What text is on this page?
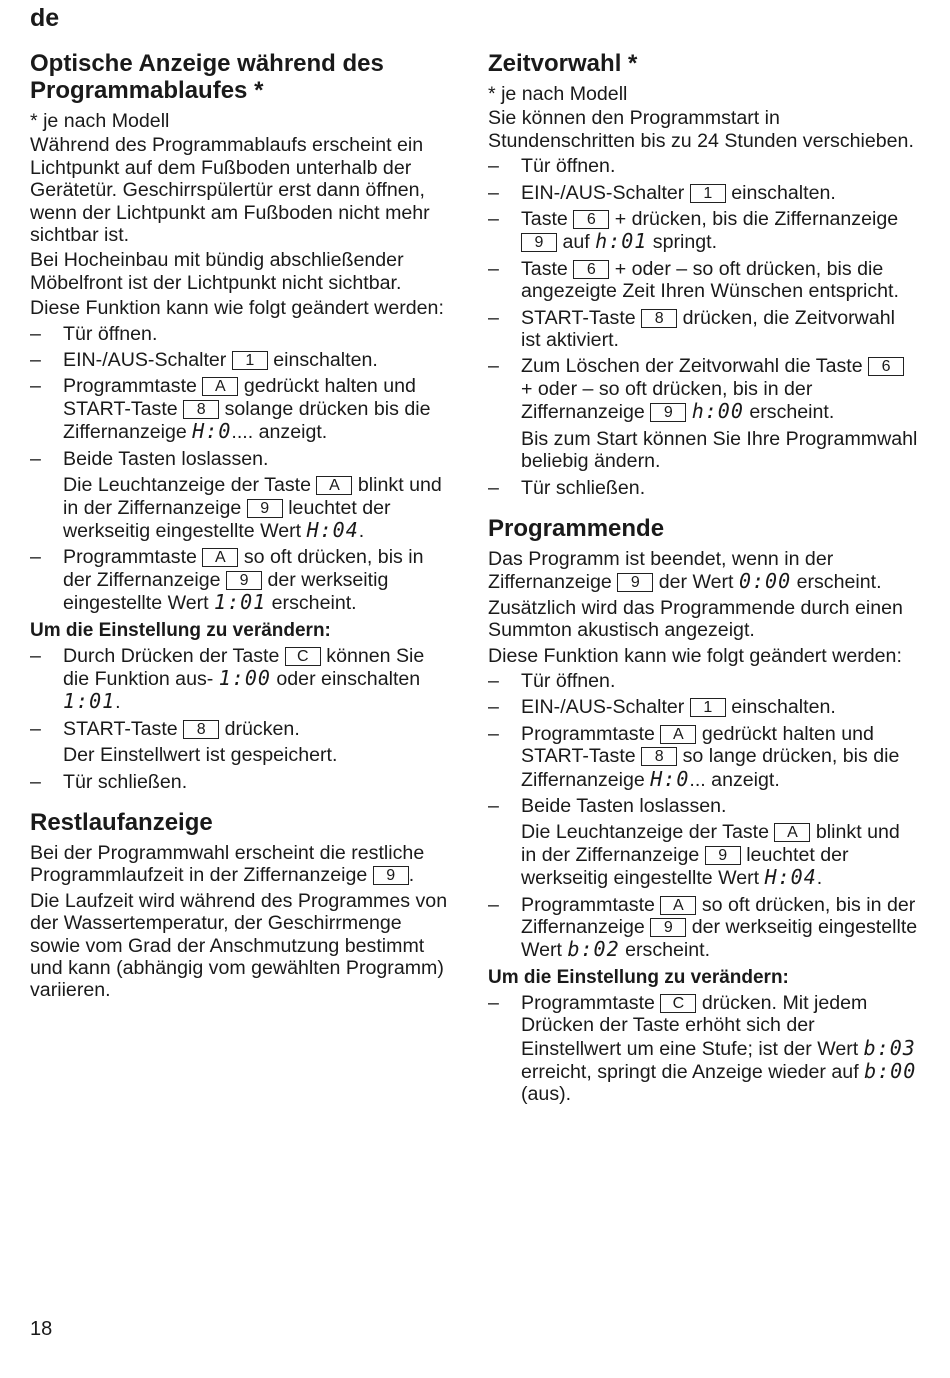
de
Optische Anzeige während des Programmablaufes *

* je nach Modell

Während des Programmablaufs erscheint ein Lichtpunkt auf dem Fußboden unterhalb der Gerätetür. Geschirrspülertür erst dann öffnen, wenn der Lichtpunkt am Fußboden nicht mehr sichtbar ist.

Bei Hocheinbau mit bündig abschließender Möbelfront ist der Lichtpunkt nicht sichtbar.

Diese Funktion kann wie folgt geändert werden:

– Tür öffnen.
– EIN-/AUS-Schalter 1 einschalten.
– Programmtaste A gedrückt halten und START-Taste 8 solange drücken bis die Ziffernanzeige H:0.... anzeigt.
– Beide Tasten loslassen.

Die Leuchtanzeige der Taste A blinkt und in der Ziffernanzeige 9 leuchtet der werkseitig eingestellte Wert H:04.

– Programmtaste A so oft drücken, bis in der Ziffernanzeige 9 der werkseitig eingestellte Wert 1:01 erscheint.
Um die Einstellung zu verändern:
– Durch Drücken der Taste C können Sie die Funktion aus- 1:00 oder einschalten 1:01.
– START-Taste 8 drücken.

Der Einstellwert ist gespeichert.

– Tür schließen.
Restlaufanzeige

Bei der Programmwahl erscheint die restliche Programmlaufzeit in der Ziffernanzeige 9 .

Die Laufzeit wird während des Programmes von der Wassertemperatur, der Geschirrmenge sowie vom Grad der Anschmutzung bestimmt und kann (abhängig vom gewählten Programm) variieren.

Zeitvorwahl *

* je nach Modell

Sie können den Programmstart in Stundenschritten bis zu 24 Stunden verschieben.

– Tür öffnen.
– EIN-/AUS-Schalter 1 einschalten.
– Taste 6 + drücken, bis die Ziffernanzeige 9 auf h:01 springt.
– Taste 6 + oder – so oft drücken, bis die angezeigte Zeit Ihren Wünschen entspricht.
– START-Taste 8 drücken, die Zeitvorwahl ist aktiviert.
– Zum Löschen der Zeitvorwahl die Taste 6 + oder – so oft drücken, bis in der Ziffernanzeige 9 h:00 erscheint.

Bis zum Start können Sie Ihre Programmwahl beliebig ändern.

– Tür schließen.
Programmende

Das Programm ist beendet, wenn in der Ziffernanzeige 9 der Wert 0:00 erscheint.

Zusätzlich wird das Programmende durch einen Summton akustisch angezeigt.

Diese Funktion kann wie folgt geändert werden:

– Tür öffnen.
– EIN-/AUS-Schalter 1 einschalten.
– Programmtaste A gedrückt halten und START-Taste 8 so lange drücken, bis die Ziffernanzeige H:0... anzeigt.
– Beide Tasten loslassen.

Die Leuchtanzeige der Taste A blinkt und in der Ziffernanzeige 9 leuchtet der werkseitig eingestellte Wert H:04.

– Programmtaste A so oft drücken, bis in der Ziffernanzeige 9 der werkseitig eingestellte Wert b:02 erscheint.
Um die Einstellung zu verändern:
– Programmtaste C drücken. Mit jedem Drücken der Taste erhöht sich der Einstellwert um eine Stufe; ist der Wert b:03 erreicht, springt die Anzeige wieder auf b:00 (aus).
18
